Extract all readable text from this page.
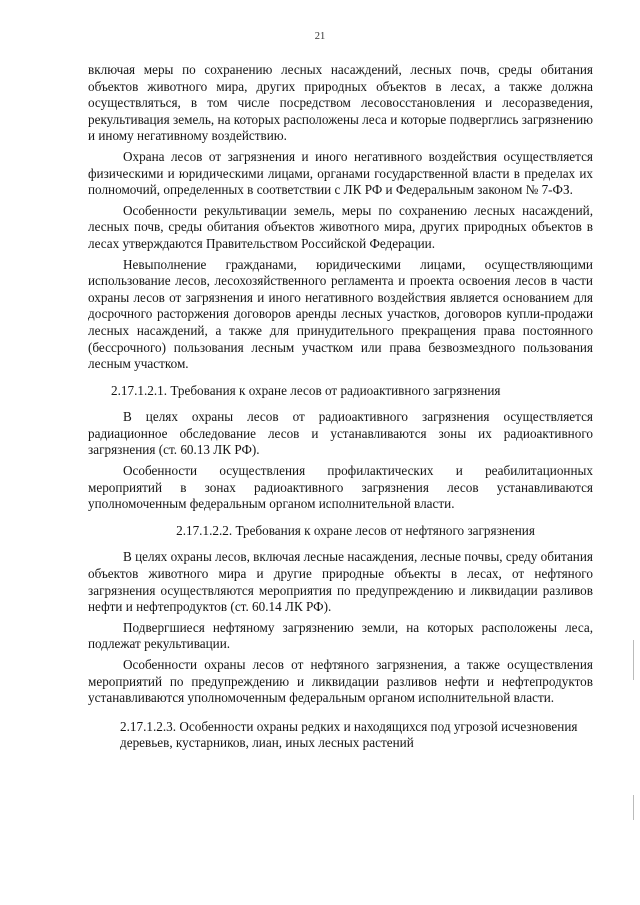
21

включая меры по сохранению лесных насаждений, лесных почв, среды обитания объектов животного мира, других природных объектов в лесах, а также должна осуществляться, в том числе посредством лесовосстановления и лесоразведения, рекультивация земель, на которых расположены леса и которые подверглись загрязнению и иному негативному воздействию.

Охрана лесов от загрязнения и иного негативного воздействия осуществляется физическими и юридическими лицами, органами государственной власти в пределах их полномочий, определенных в соответствии с ЛК РФ и Федеральным законом № 7-ФЗ.

Особенности рекультивации земель, меры по сохранению лесных насаждений, лесных почв, среды обитания объектов животного мира, других природных объектов в лесах утверждаются Правительством Российской Федерации.

Невыполнение гражданами, юридическими лицами, осуществляющими использование лесов, лесохозяйственного регламента и проекта освоения лесов в части охраны лесов от загрязнения и иного негативного воздействия является основанием для досрочного расторжения договоров аренды лесных участков, договоров купли-продажи лесных насаждений, а также для принудительного прекращения права постоянного (бессрочного) пользования лесным участком или права безвозмездного пользования лесным участком.

2.17.1.2.1. Требования к охране лесов от радиоактивного загрязнения

В целях охраны лесов от радиоактивного загрязнения осуществляется радиационное обследование лесов и устанавливаются зоны их радиоактивного загрязнения (ст. 60.13 ЛК РФ).

Особенности осуществления профилактических и реабилитационных мероприятий в зонах радиоактивного загрязнения лесов устанавливаются уполномоченным федеральным органом исполнительной власти.

2.17.1.2.2. Требования к охране лесов от нефтяного загрязнения

В целях охраны лесов, включая лесные насаждения, лесные почвы, среду обитания объектов животного мира и другие природные объекты в лесах, от нефтяного загрязнения осуществляются мероприятия по предупреждению и ликвидации разливов нефти и нефтепродуктов (ст. 60.14 ЛК РФ).

Подвергшиеся нефтяному загрязнению земли, на которых расположены леса, подлежат рекультивации.

Особенности охраны лесов от нефтяного загрязнения, а также осуществления мероприятий по предупреждению и ликвидации разливов нефти и нефтепродуктов устанавливаются уполномоченным федеральным органом исполнительной власти.

2.17.1.2.3. Особенности охраны редких и находящихся под угрозой исчезновения деревьев, кустарников, лиан, иных лесных растений
